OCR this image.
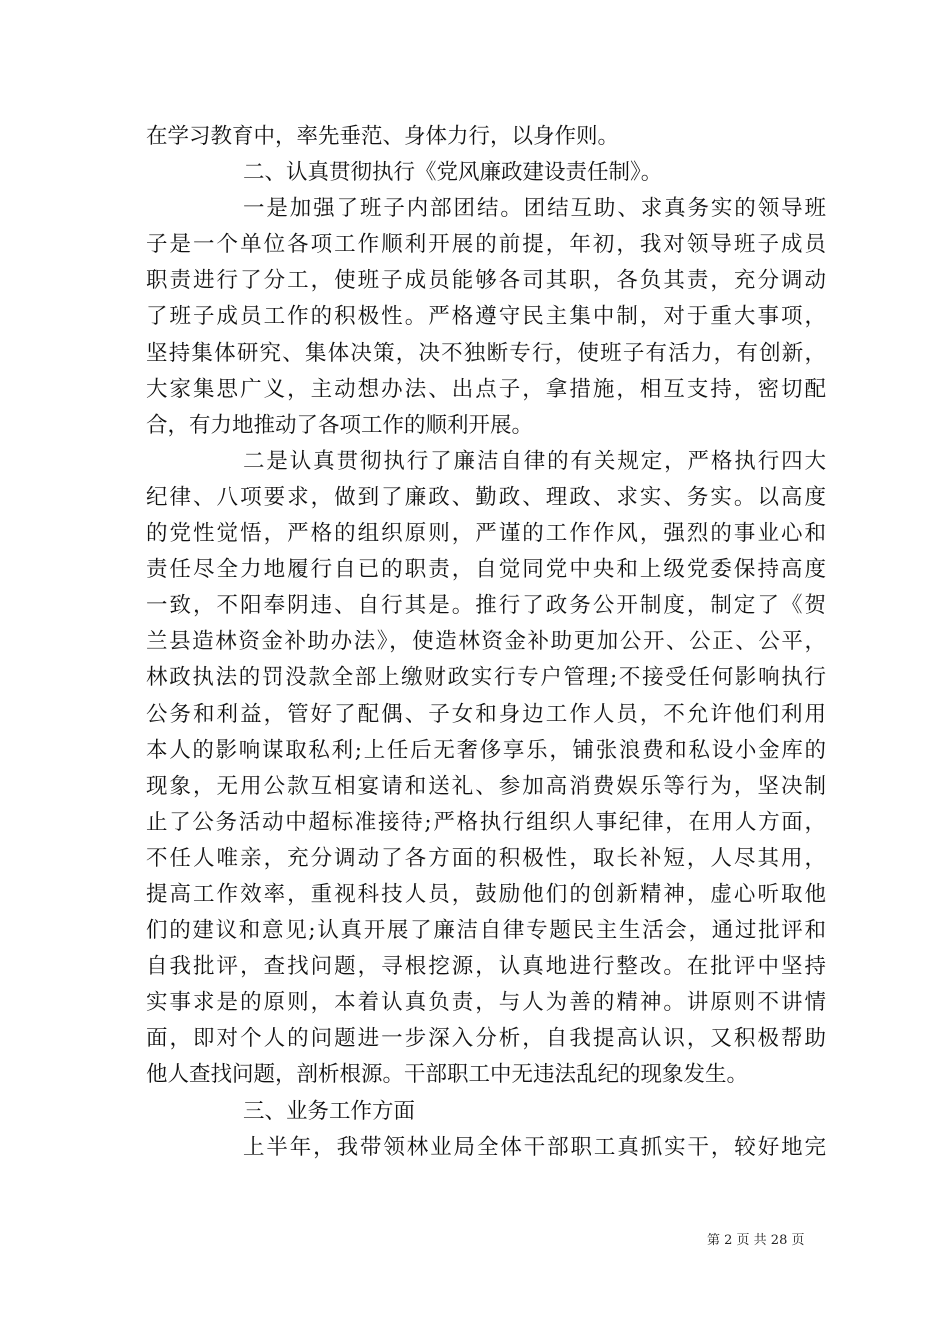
在学习教育中，率先垂范、身体力行，以身作则。
二、认真贯彻执行《党风廉政建设责任制》。
一是加强了班子内部团结。团结互助、求真务实的领导班
子是一个单位各项工作顺利开展的前提，年初，我对领导班子成员
职责进行了分工，使班子成员能够各司其职，各负其责，充分调动
了班子成员工作的积极性。严格遵守民主集中制，对于重大事项，
坚持集体研究、集体决策，决不独断专行，使班子有活力，有创新，
大家集思广义，主动想办法、出点子，拿措施，相互支持，密切配
合，有力地推动了各项工作的顺利开展。
二是认真贯彻执行了廉洁自律的有关规定，严格执行四大
纪律、八项要求，做到了廉政、勤政、理政、求实、务实。以高度
的党性觉悟，严格的组织原则，严谨的工作作风，强烈的事业心和
责任尽全力地履行自已的职责，自觉同党中央和上级党委保持高度
一致，不阳奉阴违、自行其是。推行了政务公开制度，制定了《贺
兰县造林资金补助办法》，使造林资金补助更加公开、公正、公平，
林政执法的罚没款全部上缴财政实行专户管理;不接受任何影响执行
公务和利益，管好了配偶、子女和身边工作人员，不允许他们利用
本人的影响谋取私利;上任后无奢侈享乐，铺张浪费和私设小金库的
现象，无用公款互相宴请和送礼、参加高消费娱乐等行为，坚决制
止了公务活动中超标准接待;严格执行组织人事纪律，在用人方面，
不任人唯亲，充分调动了各方面的积极性，取长补短，人尽其用，
提高工作效率，重视科技人员，鼓励他们的创新精神，虚心听取他
们的建议和意见;认真开展了廉洁自律专题民主生活会，通过批评和
自我批评，查找问题，寻根挖源，认真地进行整改。在批评中坚持
实事求是的原则，本着认真负责，与人为善的精神。讲原则不讲情
面，即对个人的问题进一步深入分析，自我提高认识，又积极帮助
他人查找问题，剖析根源。干部职工中无违法乱纪的现象发生。
三、业务工作方面
上半年，我带领林业局全体干部职工真抓实干，较好地完
第 2 页 共 28 页
